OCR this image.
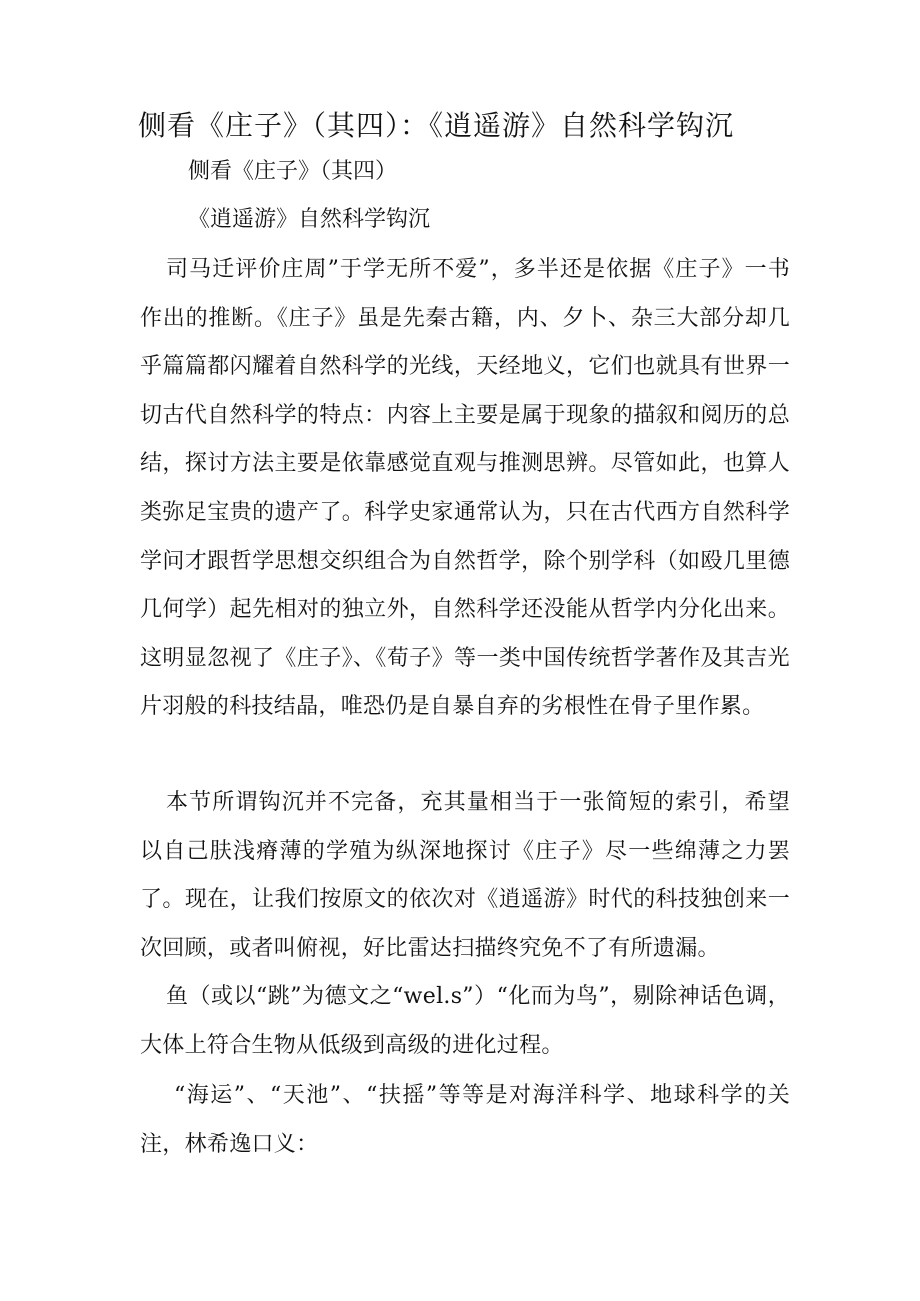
侧看《庄子》（其四）：《逍遥游》自然科学钩沉

侧看《庄子》（其四）

《逍遥游》自然科学钩沉

司马迁评价庄周”于学无所不爱”，多半还是依据《庄子》一书作出的推断。《庄子》虽是先秦古籍，内、夕卜、杂三大部分却几乎篇篇都闪耀着自然科学的光线，天经地义，它们也就具有世界一切古代自然科学的特点：内容上主要是属于现象的描叙和阅历的总结，探讨方法主要是依靠感觉直观与推测思辨。尽管如此，也算人类弥足宝贵的遗产了。科学史家通常认为，只在古代西方自然科学学问才跟哲学思想交织组合为自然哲学，除个别学科（如殴几里德几何学）起先相对的独立外，自然科学还没能从哲学内分化出来。这明显忽视了《庄子》、《荀子》等一类中国传统哲学著作及其吉光片羽般的科技结晶，唯恐仍是自暴自弃的劣根性在骨子里作累。

本节所谓钩沉并不完备，充其量相当于一张简短的索引，希望以自己肤浅瘠薄的学殖为纵深地探讨《庄子》尽一些绵薄之力罢了。现在，让我们按原文的依次对《逍遥游》时代的科技独创来一次回顾，或者叫俯视，好比雷达扫描终究免不了有所遗漏。

鱼（或以“跳”为德文之“wel.s”）“化而为鸟”，剔除神话色调，大体上符合生物从低级到高级的进化过程。

“海运”、“天池”、“扶摇”等等是对海洋科学、地球科学的关注，林希逸口义：
